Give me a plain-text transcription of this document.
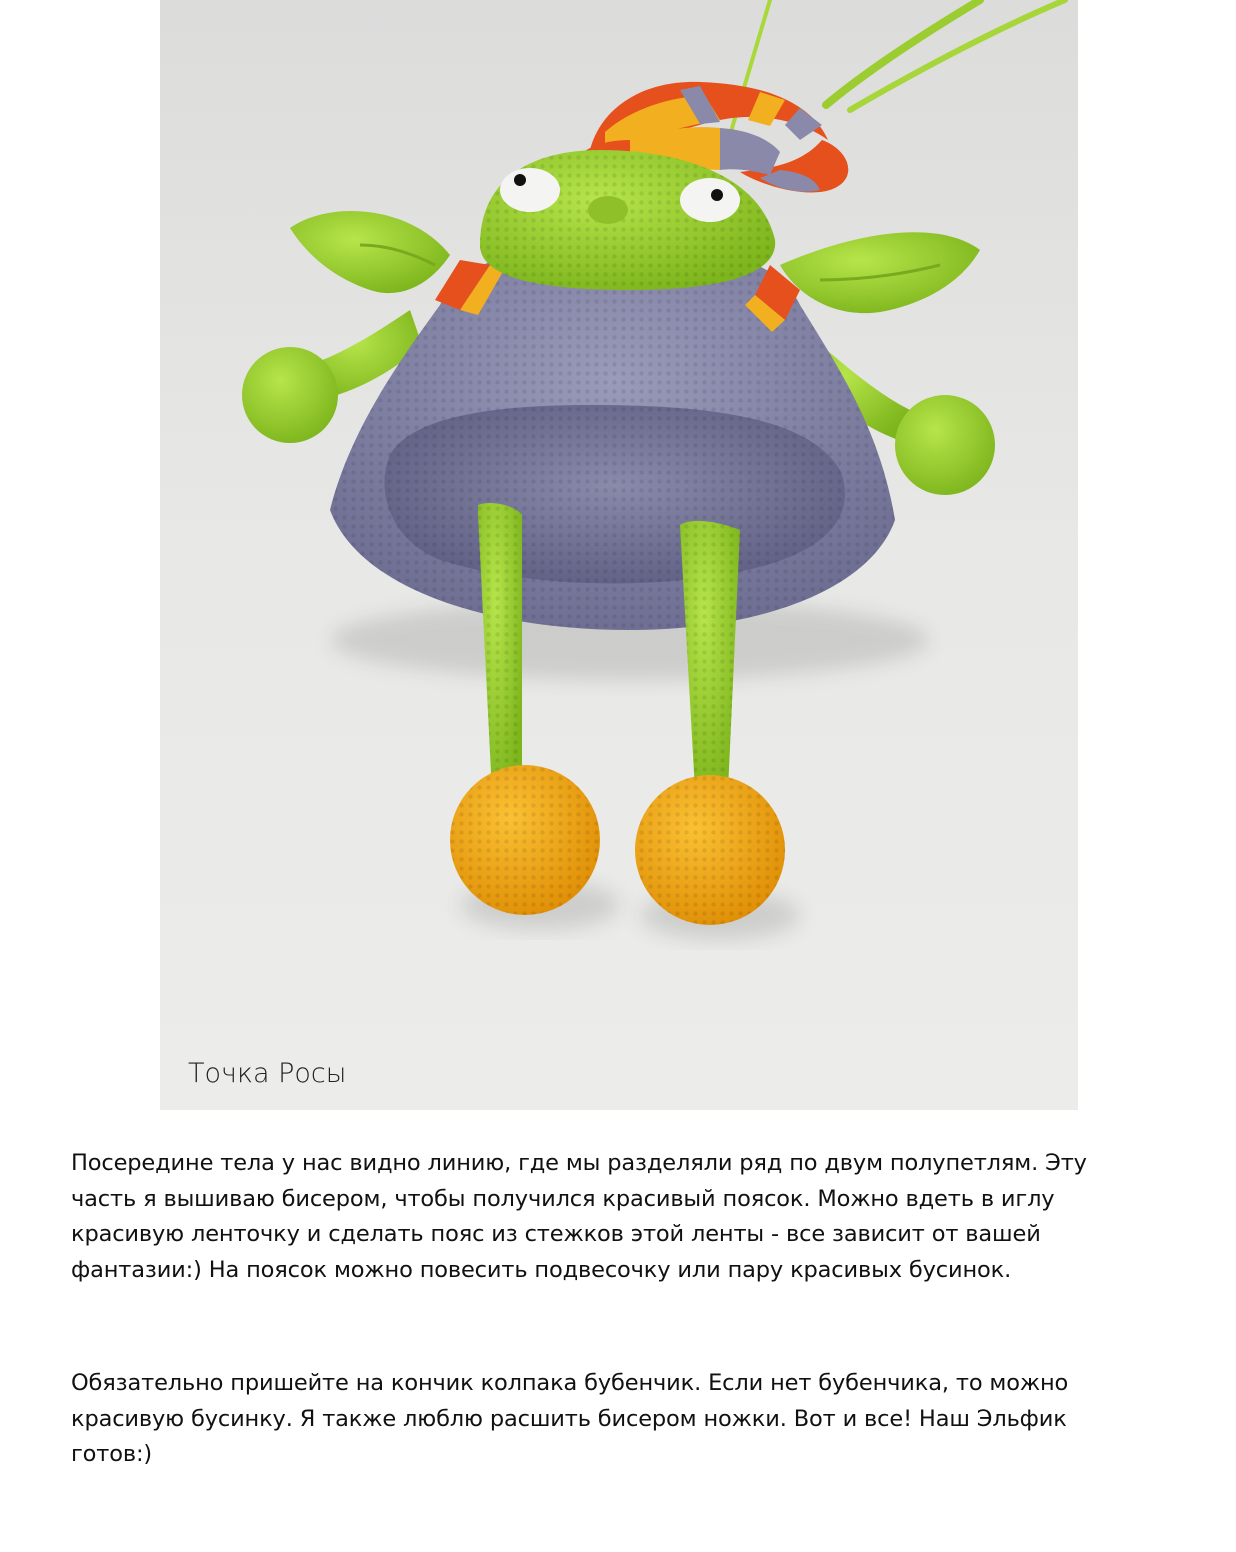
Точка Росы

Посередине тела у нас видно линию, где мы разделяли ряд по двум полупетлям. Эту
часть я вышиваю бисером, чтобы получился красивый поясок. Можно вдеть в иглу
красивую ленточку и сделать пояс из стежков этой ленты - все зависит от вашей
фантазии:) На поясок можно повесить подвесочку или пару красивых бусинок.

Обязательно пришейте на кончик колпака бубенчик. Если нет бубенчика, то можно
красивую бусинку. Я также люблю расшить бисером ножки. Вот и все! Наш Эльфик
готов:)
